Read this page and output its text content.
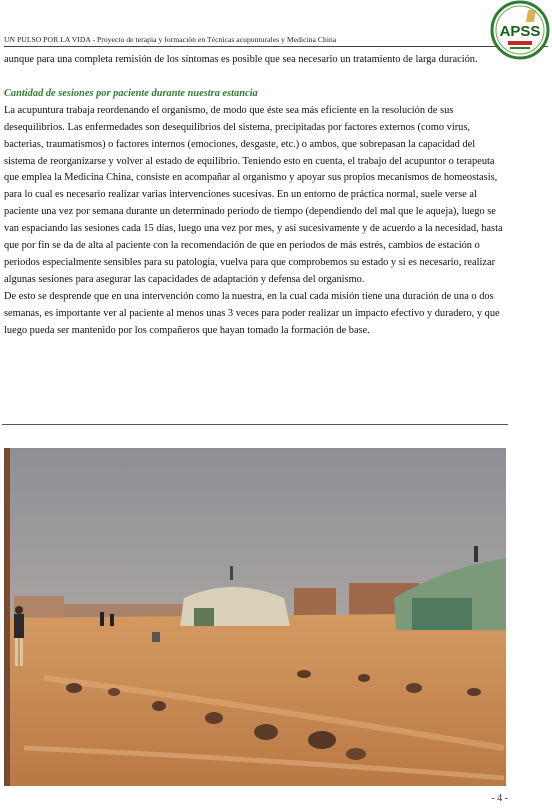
UN PULSO POR LA VIDA - Proyecto de terapia y formación en Técnicas acupunturales y Medicina China	APSS

aunque para una completa remisión de los síntomas es posible que sea necesario un tratamiento de larga duración.

Cantidad de sesiones por paciente durante nuestra estancia

La acupuntura trabaja reordenando el organismo, de modo que éste sea más eficiente en la resolución de sus desequilibrios. Las enfermedades son desequilibrios del sistema, precipitadas por factores externos (como virus, bacterias, traumatismos) o factores internos (emociones, desgaste, etc.) o ambos, que sobrepasan la capacidad del sistema de reorganizarse y volver al estado de equilibrio. Teniendo esto en cuenta, el trabajo del acupuntor o terapeuta que emplea la Medicina China, consiste en acompañar al organismo y apoyar sus propios mecanismos de homeostasis, para lo cual es necesario realizar varias intervenciones sucesivas. En un entorno de práctica normal, suele verse al paciente una vez por semana durante un determinado periodo de tiempo (dependiendo del mal que le aqueja), luego se van espaciando las sesiones cada 15 días, luego una vez por mes, y así sucesivamente y de acuerdo a la necesidad, hasta que por fin se da de alta al paciente con la recomendación de que en periodos de más estrés, cambios de estación o periodos especialmente sensibles para su patología, vuelva para que comprobemos su estado y si es necesario, realizar algunas sesiones para asegurar las capacidades de adaptación y defensa del organismo.

De esto se desprende que en una intervención como la nuestra, en la cual cada misión tiene una duración de una o dos semanas, es importante ver al paciente al menos unas 3 veces para poder realizar un impacto efectivo y duradero, y que luego pueda ser mantenido por los compañeros que hayan tomado la formación de base.

- 4 -
